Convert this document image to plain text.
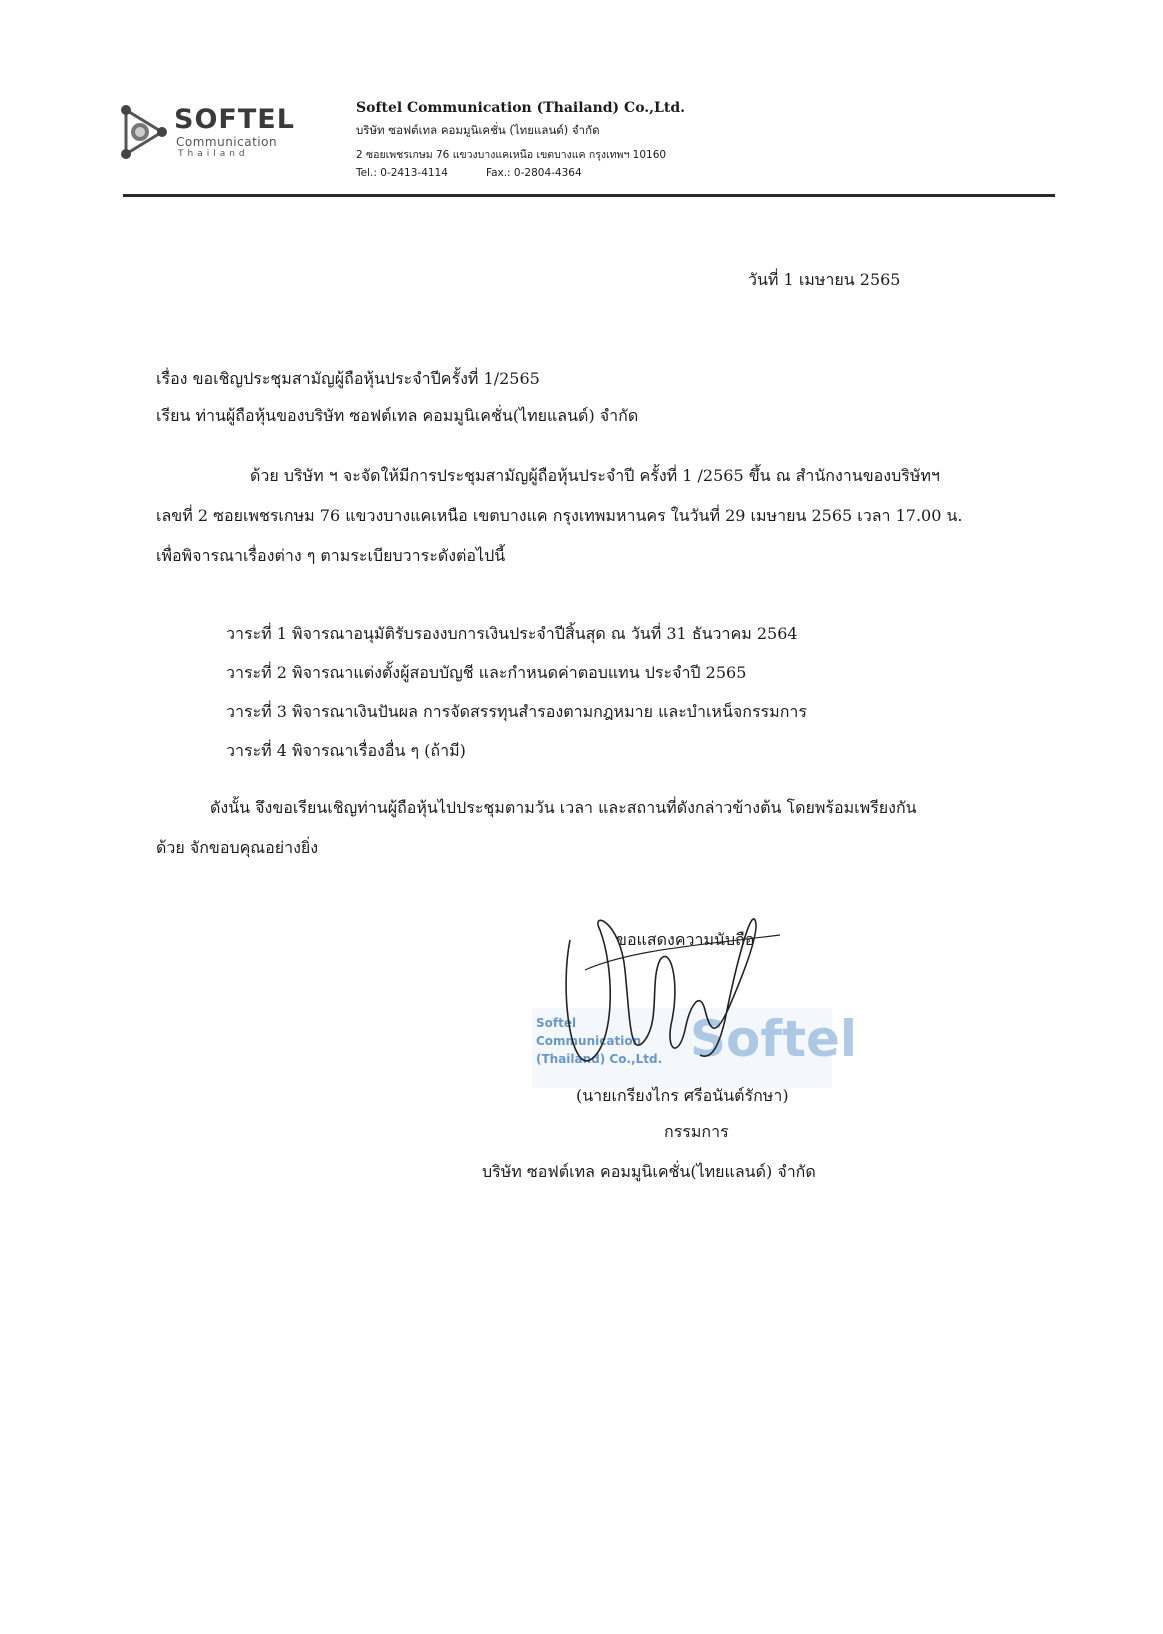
SOFTEL
Communication
Thailand
Softel Communication (Thailand) Co.,Ltd.
บริษัท ซอฟต์เทล คอมมูนิเคชั่น (ไทยแลนด์) จำกัด
2 ซอยเพชรเกษม 76 แขวงบางแคเหนือ เขตบางแค กรุงเทพฯ 10160
Tel.: 0-2413-4114	Fax.: 0-2804-4364
วันที่ 1 เมษายน 2565
เรื่อง ขอเชิญประชุมสามัญผู้ถือหุ้นประจำปีครั้งที่ 1/2565
เรียน ท่านผู้ถือหุ้นของบริษัท ซอฟต์เทล คอมมูนิเคชั่น(ไทยแลนด์) จำกัด
ด้วย บริษัท ฯ จะจัดให้มีการประชุมสามัญผู้ถือหุ้นประจำปี ครั้งที่ 1 /2565 ขึ้น ณ สำนักงานของบริษัทฯ
เลขที่ 2 ซอยเพชรเกษม 76 แขวงบางแคเหนือ เขตบางแค กรุงเทพมหานคร ในวันที่ 29 เมษายน 2565 เวลา 17.00 น.
เพื่อพิจารณาเรื่องต่าง ๆ ตามระเบียบวาระดังต่อไปนี้
วาระที่ 1 พิจารณาอนุมัติรับรองงบการเงินประจำปีสิ้นสุด ณ วันที่ 31 ธันวาคม 2564
วาระที่ 2 พิจารณาแต่งตั้งผู้สอบบัญชี และกำหนดค่าตอบแทน ประจำปี 2565
วาระที่ 3 พิจารณาเงินปันผล การจัดสรรทุนสำรองตามกฎหมาย และบำเหน็จกรรมการ
วาระที่ 4 พิจารณาเรื่องอื่น ๆ (ถ้ามี)
ดังนั้น จึงขอเรียนเชิญท่านผู้ถือหุ้นไปประชุมตามวัน เวลา และสถานที่ดังกล่าวข้างต้น โดยพร้อมเพรียงกัน
ด้วย จักขอบคุณอย่างยิ่ง
ขอแสดงความนับถือ
Softel
Communication
(Thailand) Co.,Ltd. Softel
(นายเกรียงไกร ศรีอนันต์รักษา)
กรรมการ
บริษัท ซอฟต์เทล คอมมูนิเคชั่น(ไทยแลนด์) จำกัด
